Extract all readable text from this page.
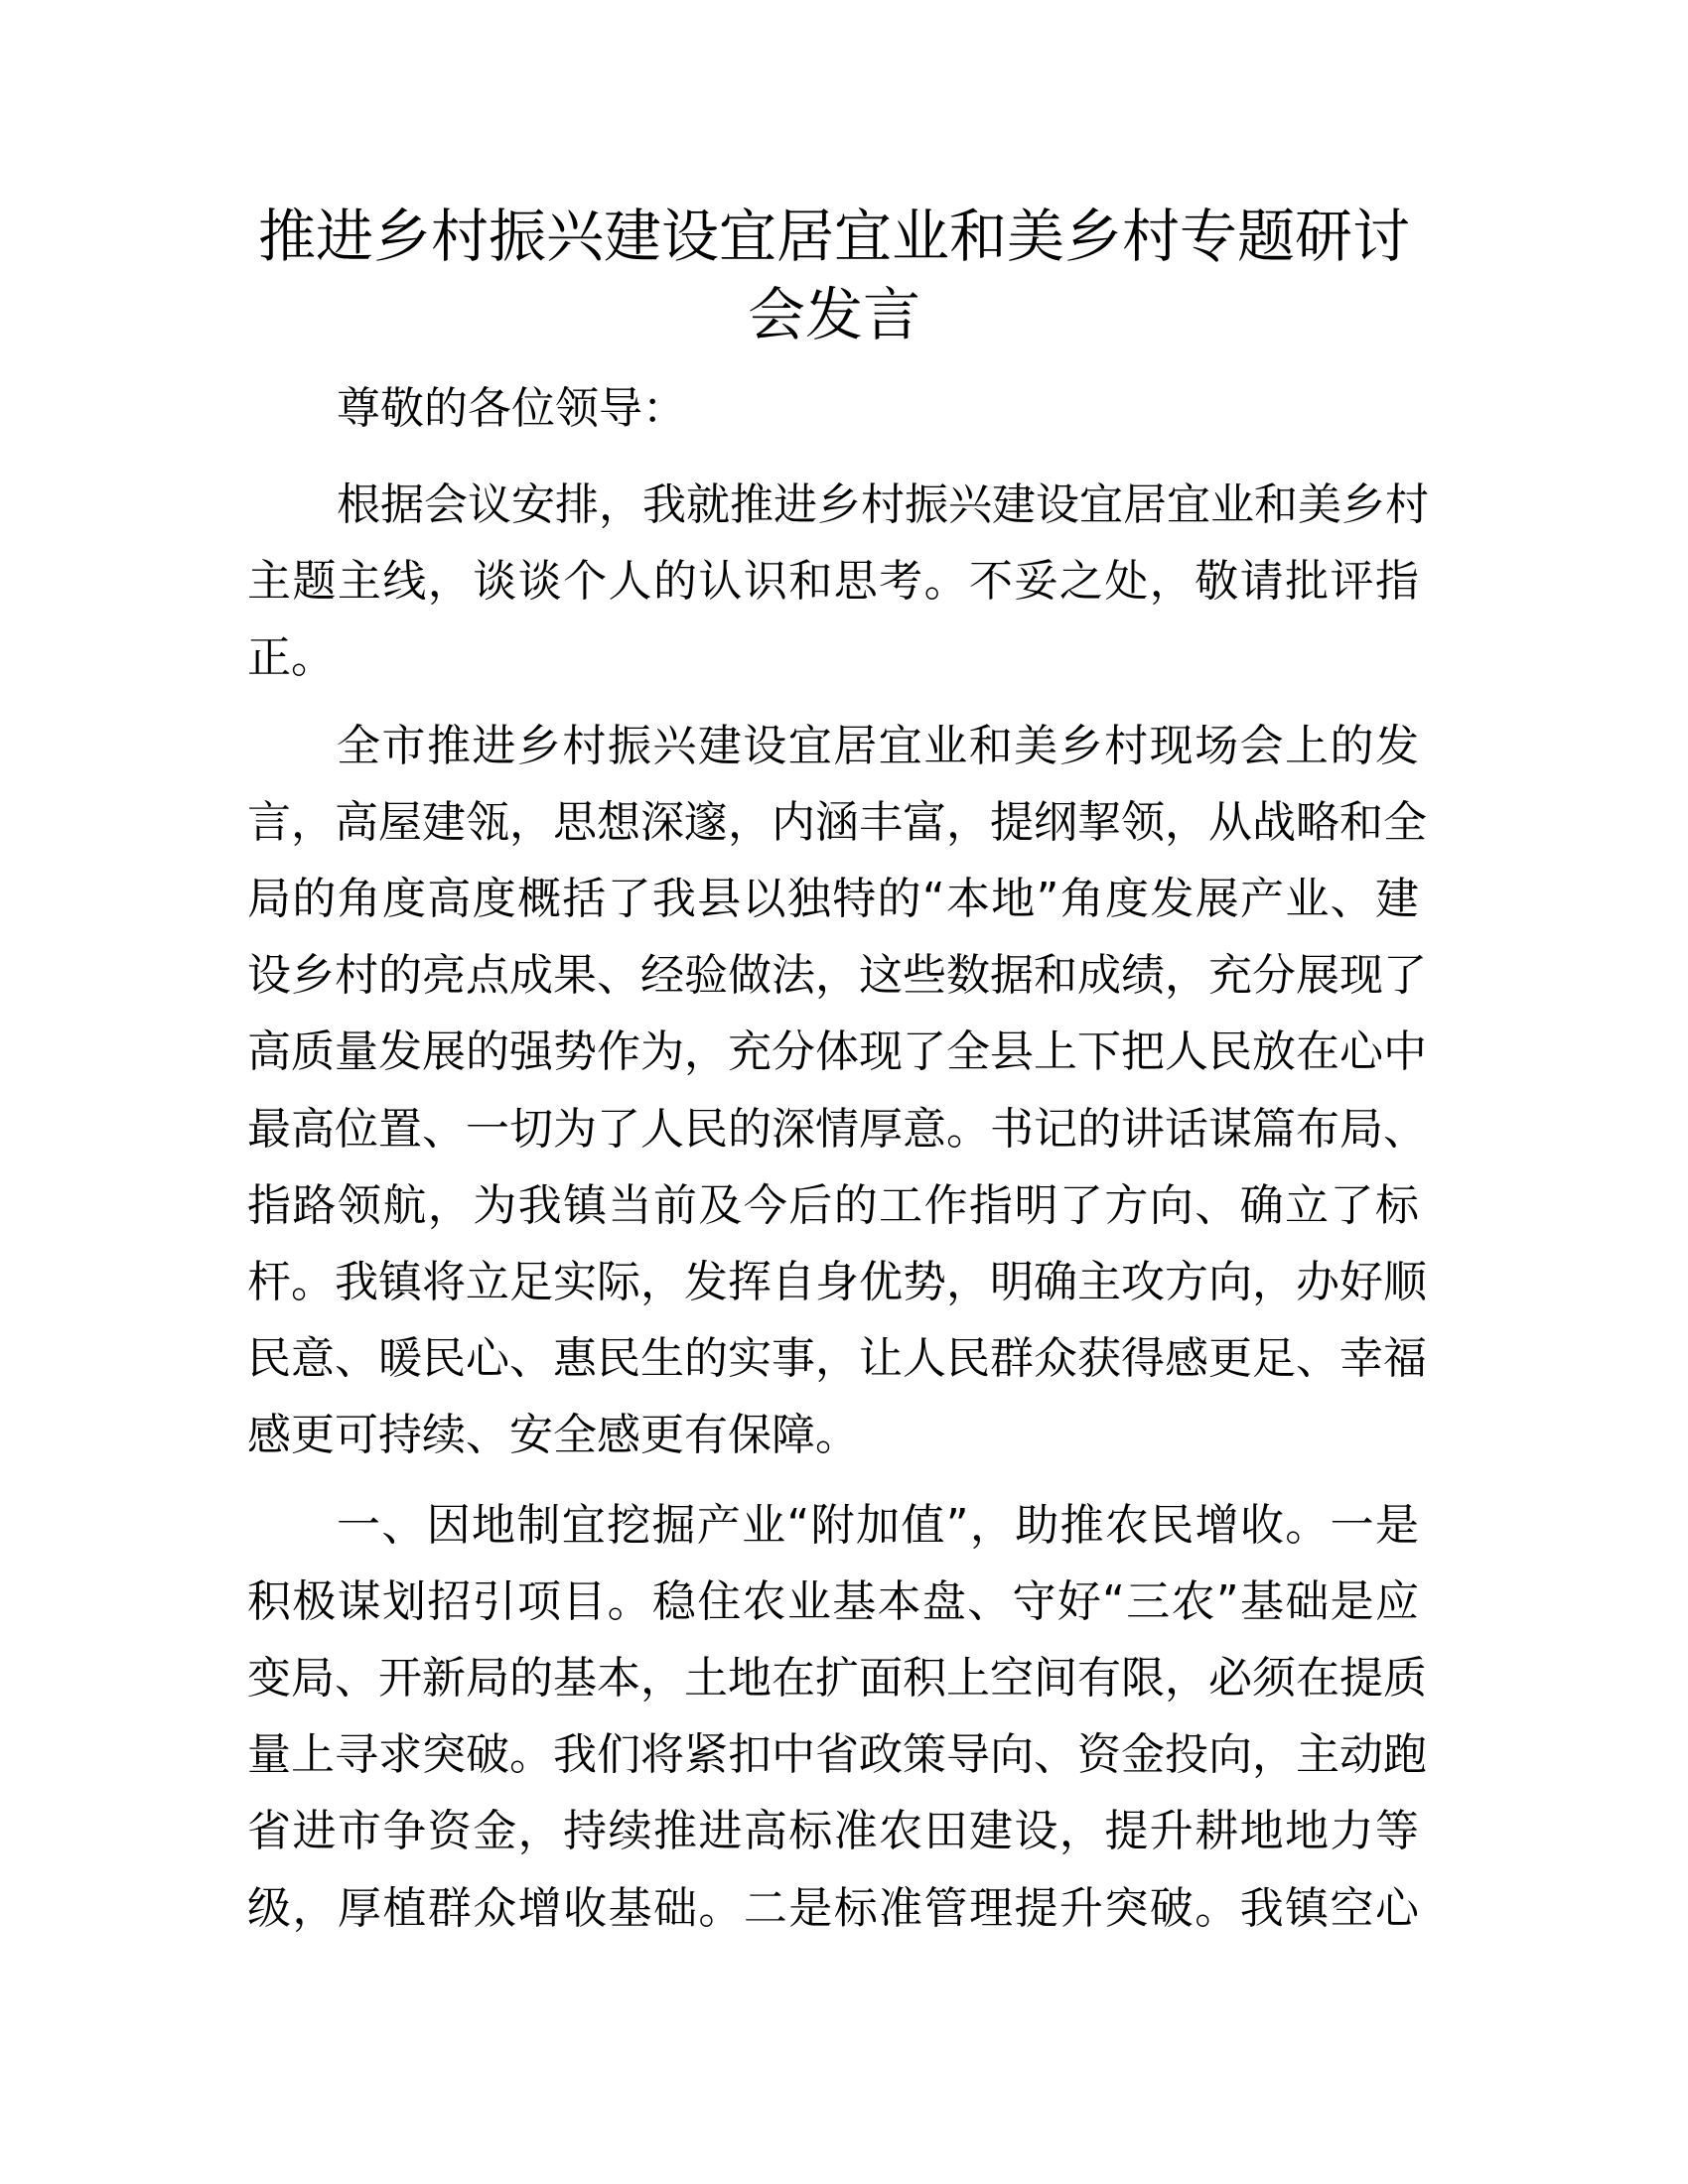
推进乡村振兴建设宜居宜业和美乡村专题研讨
会发言
尊敬的各位领导：
根据会议安排，我就推进乡村振兴建设宜居宜业和美乡村
主题主线，谈谈个人的认识和思考。不妥之处，敬请批评指
正。
全市推进乡村振兴建设宜居宜业和美乡村现场会上的发
言，高屋建瓴，思想深邃，内涵丰富，提纲挈领，从战略和全
局的角度高度概括了我县以独特的“本地”角度发展产业、建
设乡村的亮点成果、经验做法，这些数据和成绩，充分展现了
高质量发展的强势作为，充分体现了全县上下把人民放在心中
最高位置、一切为了人民的深情厚意。书记的讲话谋篇布局、
指路领航，为我镇当前及今后的工作指明了方向、确立了标
杆。我镇将立足实际，发挥自身优势，明确主攻方向，办好顺
民意、暖民心、惠民生的实事，让人民群众获得感更足、幸福
感更可持续、安全感更有保障。
一、因地制宜挖掘产业“附加值”，助推农民增收。一是
积极谋划招引项目。稳住农业基本盘、守好“三农”基础是应
变局、开新局的基本，土地在扩面积上空间有限，必须在提质
量上寻求突破。我们将紧扣中省政策导向、资金投向，主动跑
省进市争资金，持续推进高标准农田建设，提升耕地地力等
级，厚植群众增收基础。二是标准管理提升突破。我镇空心
